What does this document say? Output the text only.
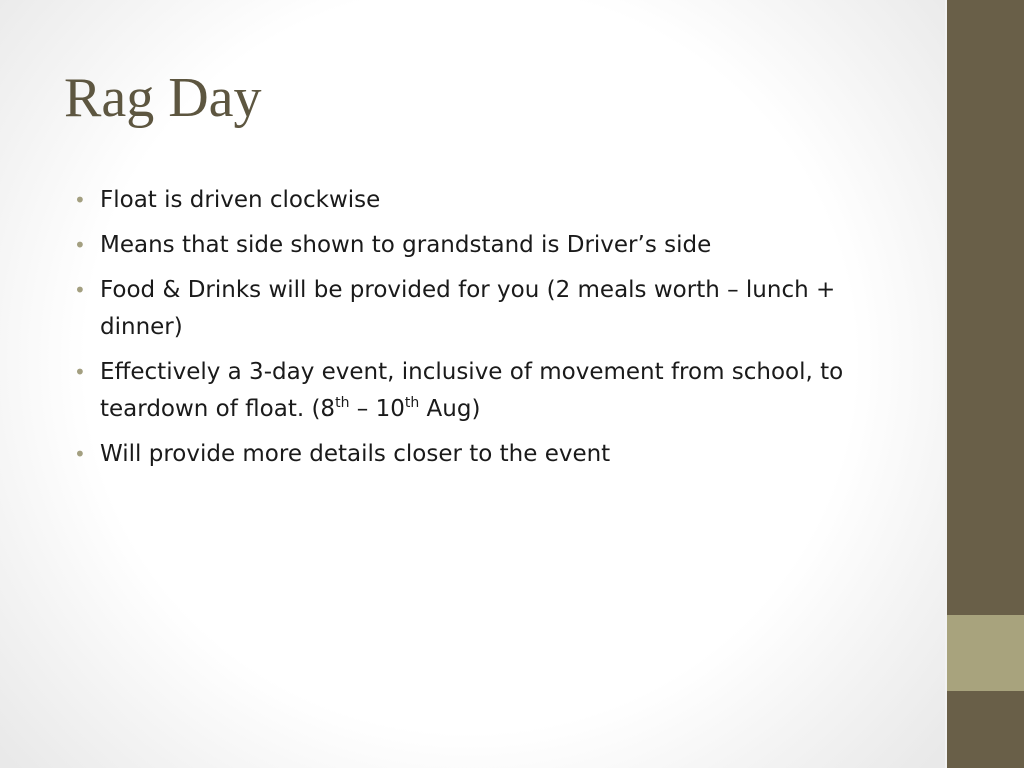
Rag Day
• Float is driven clockwise
• Means that side shown to grandstand is Driver’s side
• Food & Drinks will be provided for you (2 meals worth – lunch + dinner)
• Effectively a 3-day event, inclusive of movement from school, to teardown of float. (8th – 10th Aug)
• Will provide more details closer to the event
